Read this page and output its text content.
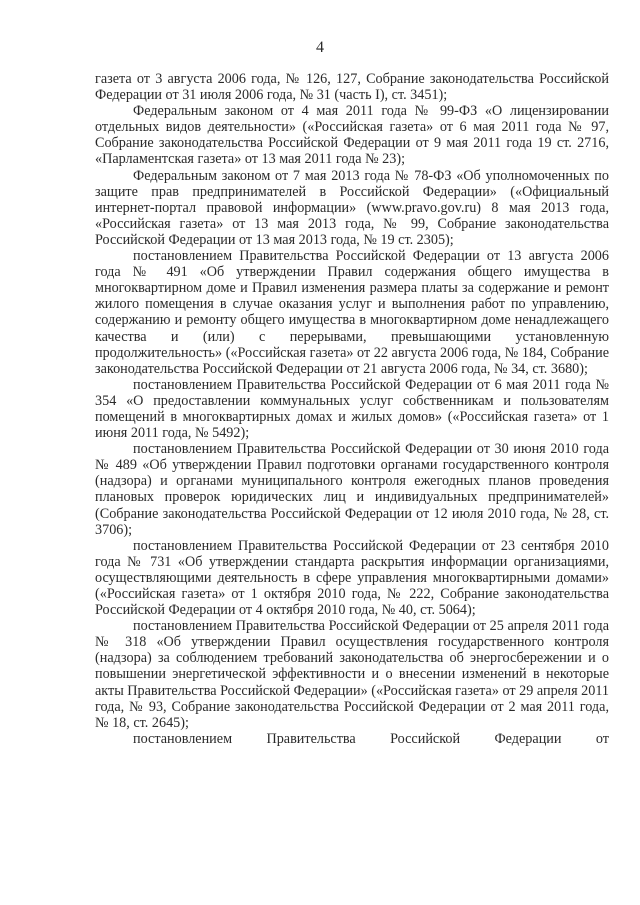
4

газета от 3 августа 2006 года, № 126, 127, Собрание законодательства Российской Федерации от 31 июля 2006 года, № 31 (часть I), ст. 3451);

Федеральным законом от 4 мая 2011 года № 99-ФЗ «О лицензировании отдельных видов деятельности» («Российская газета» от 6 мая 2011 года № 97, Собрание законодательства Российской Федерации от 9 мая 2011 года 19 ст. 2716, «Парламентская газета» от 13 мая 2011 года № 23);

Федеральным законом от 7 мая 2013 года № 78-ФЗ «Об уполномоченных по защите прав предпринимателей в Российской Федерации» («Официальный интернет-портал правовой информации» (www.pravo.gov.ru) 8 мая 2013 года, «Российская газета» от 13 мая 2013 года, № 99, Собрание законодательства Российской Федерации от 13 мая 2013 года, № 19 ст. 2305);

постановлением Правительства Российской Федерации от 13 августа 2006 года № 491 «Об утверждении Правил содержания общего имущества в многоквартирном доме и Правил изменения размера платы за содержание и ремонт жилого помещения в случае оказания услуг и выполнения работ по управлению, содержанию и ремонту общего имущества в многоквартирном доме ненадлежащего качества и (или) с перерывами, превышающими установленную продолжительность» («Российская газета» от 22 августа 2006 года, № 184, Собрание законодательства Российской Федерации от 21 августа 2006 года, № 34, ст. 3680);

постановлением Правительства Российской Федерации от 6 мая 2011 года № 354 «О предоставлении коммунальных услуг собственникам и пользователям помещений в многоквартирных домах и жилых домов» («Российская газета» от 1 июня 2011 года, № 5492);

постановлением Правительства Российской Федерации от 30 июня 2010 года № 489 «Об утверждении Правил подготовки органами государственного контроля (надзора) и органами муниципального контроля ежегодных планов проведения плановых проверок юридических лиц и индивидуальных предпринимателей» (Собрание законодательства Российской Федерации от 12 июля 2010 года, № 28, ст. 3706);

постановлением Правительства Российской Федерации от 23 сентября 2010 года № 731 «Об утверждении стандарта раскрытия информации организациями, осуществляющими деятельность в сфере управления многоквартирными домами» («Российская газета» от 1 октября 2010 года, № 222, Собрание законодательства Российской Федерации от 4 октября 2010 года, № 40, ст. 5064);

постановлением Правительства Российской Федерации от 25 апреля 2011 года № 318 «Об утверждении Правил осуществления государственного контроля (надзора) за соблюдением требований законодательства об энергосбережении и о повышении энергетической эффективности и о внесении изменений в некоторые акты Правительства Российской Федерации» («Российская газета» от 29 апреля 2011 года, № 93, Собрание законодательства Российской Федерации от 2 мая 2011 года, № 18, ст. 2645);

постановлением Правительства Российской Федерации от
